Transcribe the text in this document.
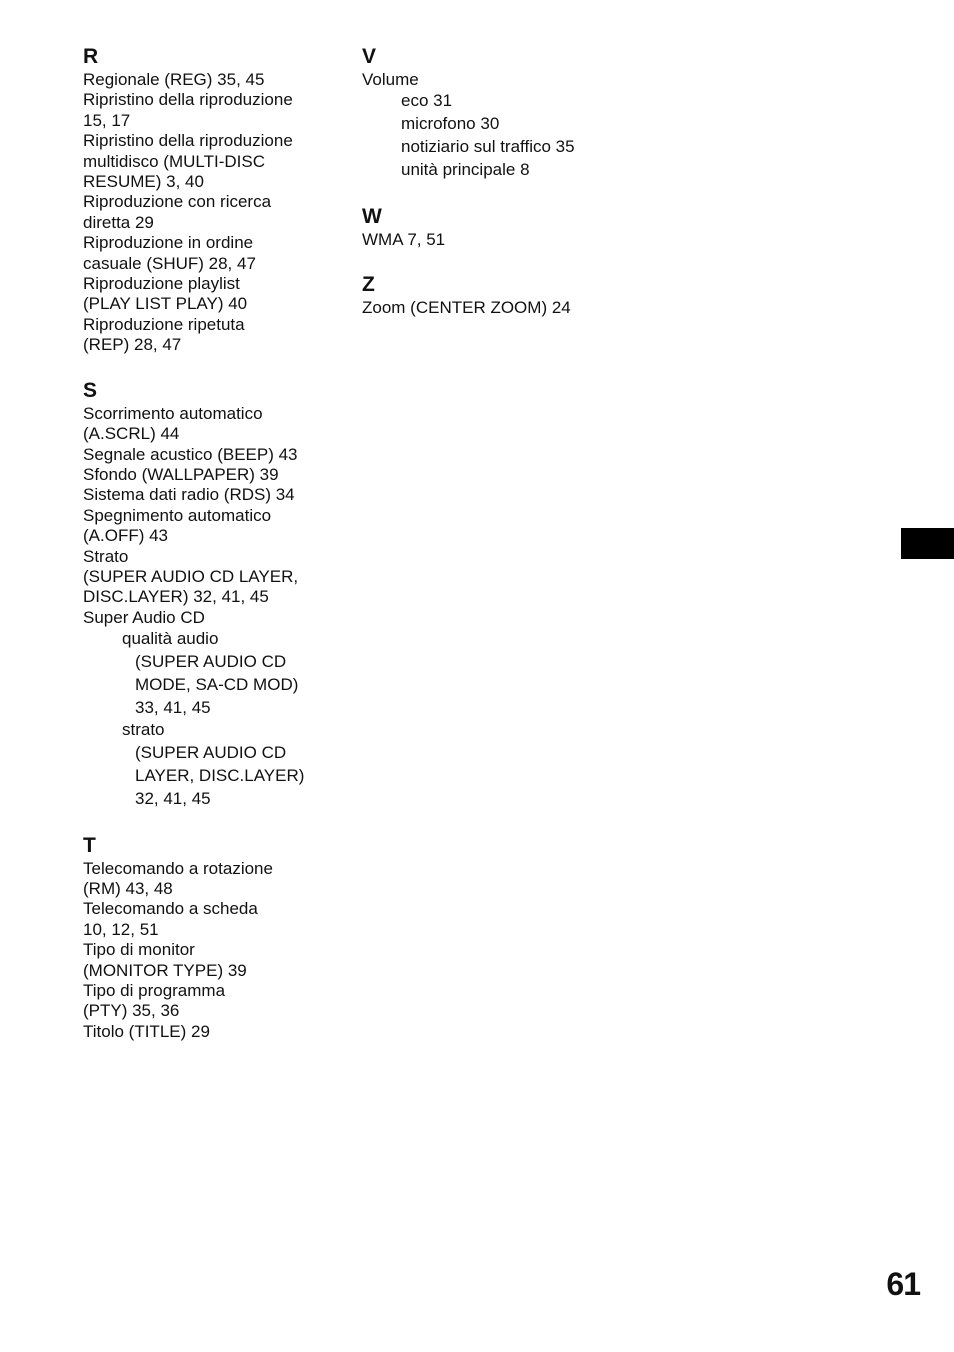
R
Regionale (REG) 35, 45
Ripristino della riproduzione
15, 17
Ripristino della riproduzione
multidisco (MULTI-DISC
RESUME) 3, 40
Riproduzione con ricerca
diretta 29
Riproduzione in ordine
casuale (SHUF) 28, 47
Riproduzione playlist
(PLAY LIST PLAY) 40
Riproduzione ripetuta
(REP) 28, 47
S
Scorrimento automatico
(A.SCRL) 44
Segnale acustico (BEEP) 43
Sfondo (WALLPAPER) 39
Sistema dati radio (RDS) 34
Spegnimento automatico
(A.OFF) 43
Strato
(SUPER AUDIO CD LAYER,
DISC.LAYER) 32, 41, 45
Super Audio CD
qualità audio
(SUPER AUDIO CD
MODE, SA-CD MOD)
33, 41, 45
strato
(SUPER AUDIO CD
LAYER, DISC.LAYER)
32, 41, 45
T
Telecomando a rotazione
(RM) 43, 48
Telecomando a scheda
10, 12, 51
Tipo di monitor
(MONITOR TYPE) 39
Tipo di programma
(PTY) 35, 36
Titolo (TITLE) 29
V
Volume
eco 31
microfono 30
notiziario sul traffico 35
unità principale 8
W
WMA 7, 51
Z
Zoom (CENTER ZOOM) 24
61
